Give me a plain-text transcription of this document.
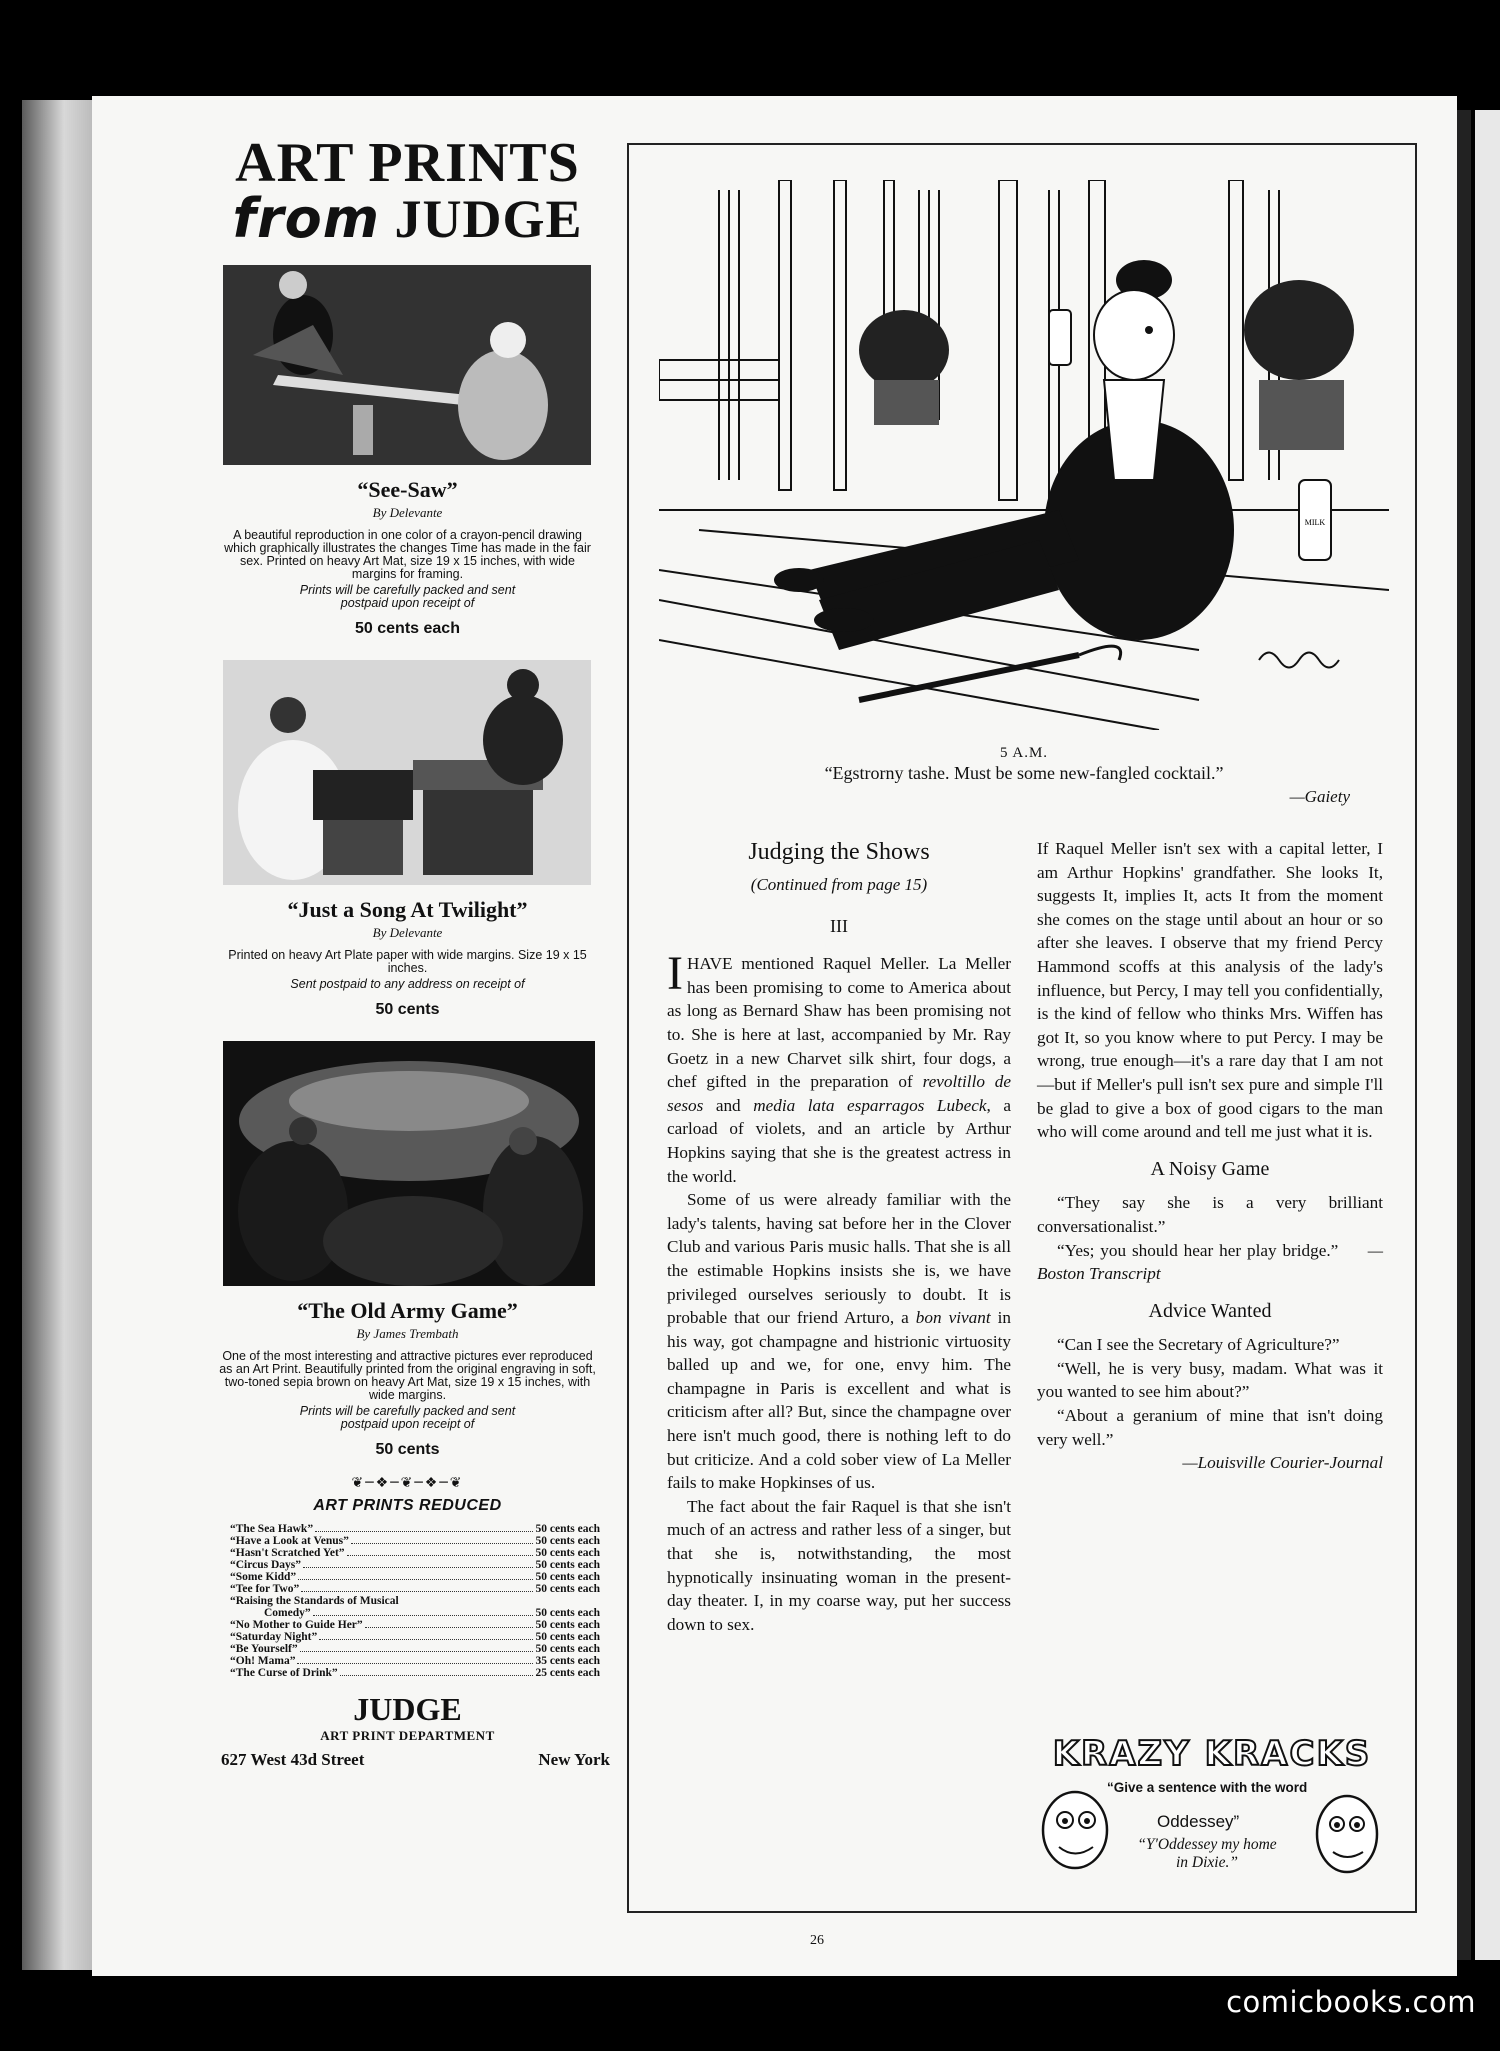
ART PRINTS
from JUDGE
“See-Saw”
By Delevante
A beautiful reproduction in one color of a crayon-pencil drawing which graphically illustrates the changes Time has made in the fair sex. Printed on heavy Art Mat, size 19 x 15 inches, with wide margins for framing.
Prints will be carefully packed and sent postpaid upon receipt of
50 cents each
“Just a Song At Twilight”
By Delevante
Printed on heavy Art Plate paper with wide margins. Size 19 x 15 inches.
Sent postpaid to any address on receipt of
50 cents
“The Old Army Game”
By James Trembath
One of the most interesting and attractive pictures ever reproduced as an Art Print. Beautifully printed from the original engraving in soft, two-toned sepia brown on heavy Art Mat, size 19 x 15 inches, with wide margins.
Prints will be carefully packed and sent postpaid upon receipt of
50 cents
❦─❖─❦─❖─❦
ART PRINTS REDUCED
“The Sea Hawk”	50 cents each
“Have a Look at Venus”	50 cents each
“Hasn't Scratched Yet”	50 cents each
“Circus Days”	50 cents each
“Some Kidd”	50 cents each
“Tee for Two”	50 cents each
“Raising the Standards of Musical
Comedy”	50 cents each
“No Mother to Guide Her”	50 cents each
“Saturday Night”	50 cents each
“Be Yourself”	50 cents each
“Oh! Mama”	35 cents each
“The Curse of Drink”	25 cents each
JUDGE
ART PRINT DEPARTMENT
627 West 43d Street	New York
MILK
5 A.M.
“Egstrorny tashe. Must be some new-fangled cocktail.”
—Gaiety
Judging the Shows
(Continued from page 15)
III

IHAVE mentioned Raquel Meller. La Meller has been promising to come to America about as long as Bernard Shaw has been promising not to. She is here at last, accompanied by Mr. Ray Goetz in a new Charvet silk shirt, four dogs, a chef gifted in the preparation of revoltillo de sesos and media lata esparragos Lubeck, a carload of violets, and an article by Arthur Hopkins saying that she is the greatest actress in the world.

Some of us were already familiar with the lady's talents, having sat before her in the Clover Club and various Paris music halls. That she is all the estimable Hopkins insists she is, we have privileged ourselves seriously to doubt. It is probable that our friend Arturo, a bon vivant in his way, got champagne and histrionic virtuosity balled up and we, for one, envy him. The champagne in Paris is excellent and what is criticism after all? But, since the champagne over here isn't much good, there is nothing left to do but criticize. And a cold sober view of La Meller fails to make Hopkinses of us.

The fact about the fair Raquel is that she isn't much of an actress and rather less of a singer, but that she is, notwithstanding, the most hypnotically insinuating woman in the present-day theater. I, in my coarse way, put her success down to sex.

If Raquel Meller isn't sex with a capital letter, I am Arthur Hopkins' grandfather. She looks It, suggests It, implies It, acts It from the moment she comes on the stage until about an hour or so after she leaves. I observe that my friend Percy Hammond scoffs at this analysis of the lady's influence, but Percy, I may tell you confidentially, is the kind of fellow who thinks Mrs. Wiffen has got It, so you know where to put Percy. I may be wrong, true enough—it's a rare day that I am not—but if Meller's pull isn't sex pure and simple I'll be glad to give a box of good cigars to the man who will come around and tell me just what it is.

A Noisy Game

“They say she is a very brilliant conversationalist.”

“Yes; you should hear her play bridge.” —Boston Transcript

Advice Wanted

“Can I see the Secretary of Agriculture?”

“Well, he is very busy, madam. What was it you wanted to see him about?”

“About a geranium of mine that isn't doing very well.”

—Louisville Courier-Journal

KRAZY KRACKS
“Give a sentence with the word
Oddessey”
“Y'Oddessey my home in Dixie.”
26
comicbooks.com
